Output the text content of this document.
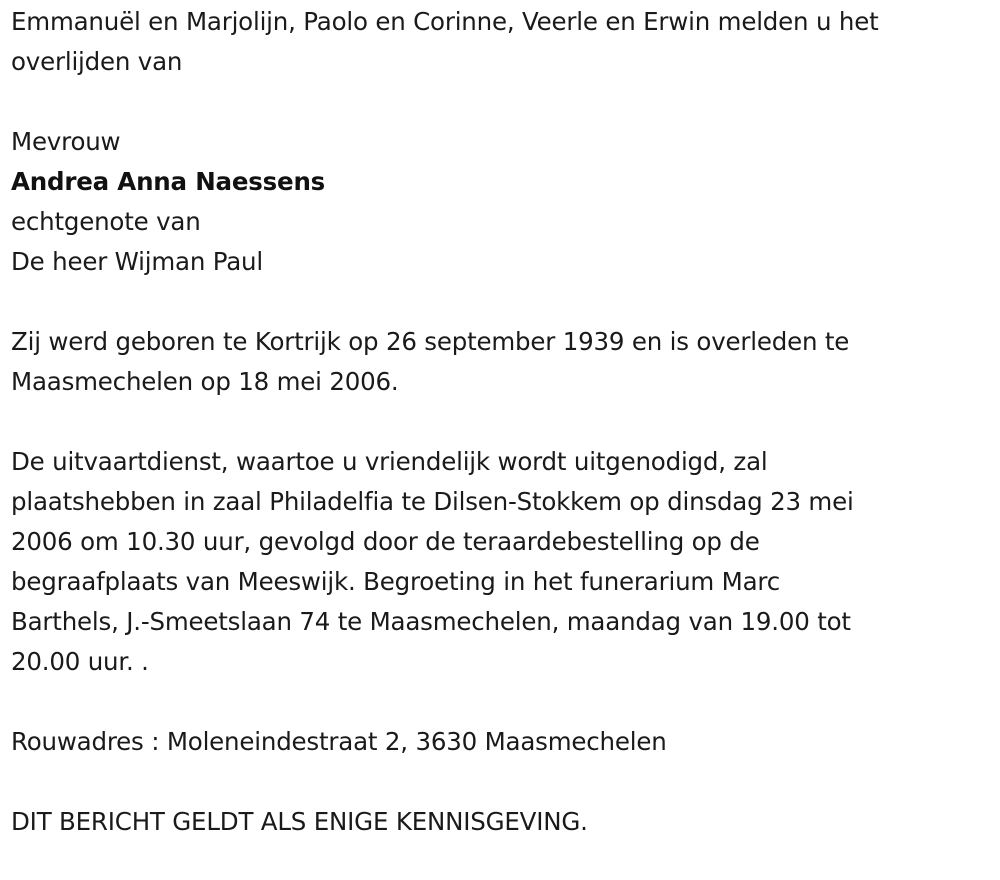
Emmanuël en Marjolijn, Paolo en Corinne, Veerle en Erwin melden u het
overlijden van

Mevrouw

Andrea Anna Naessens

echtgenote van

De heer Wijman Paul

Zij werd geboren te Kortrijk op 26 september 1939 en is overleden te
Maasmechelen op 18 mei 2006.

De uitvaartdienst, waartoe u vriendelijk wordt uitgenodigd, zal
plaatshebben in zaal Philadelfia te Dilsen-Stokkem op dinsdag 23 mei
2006 om 10.30 uur, gevolgd door de teraardebestelling op de
begraafplaats van Meeswijk. Begroeting in het funerarium Marc
Barthels, J.-Smeetslaan 74 te Maasmechelen, maandag van 19.00 tot
20.00 uur. .

Rouwadres : Moleneindestraat 2, 3630 Maasmechelen

DIT BERICHT GELDT ALS ENIGE KENNISGEVING.
